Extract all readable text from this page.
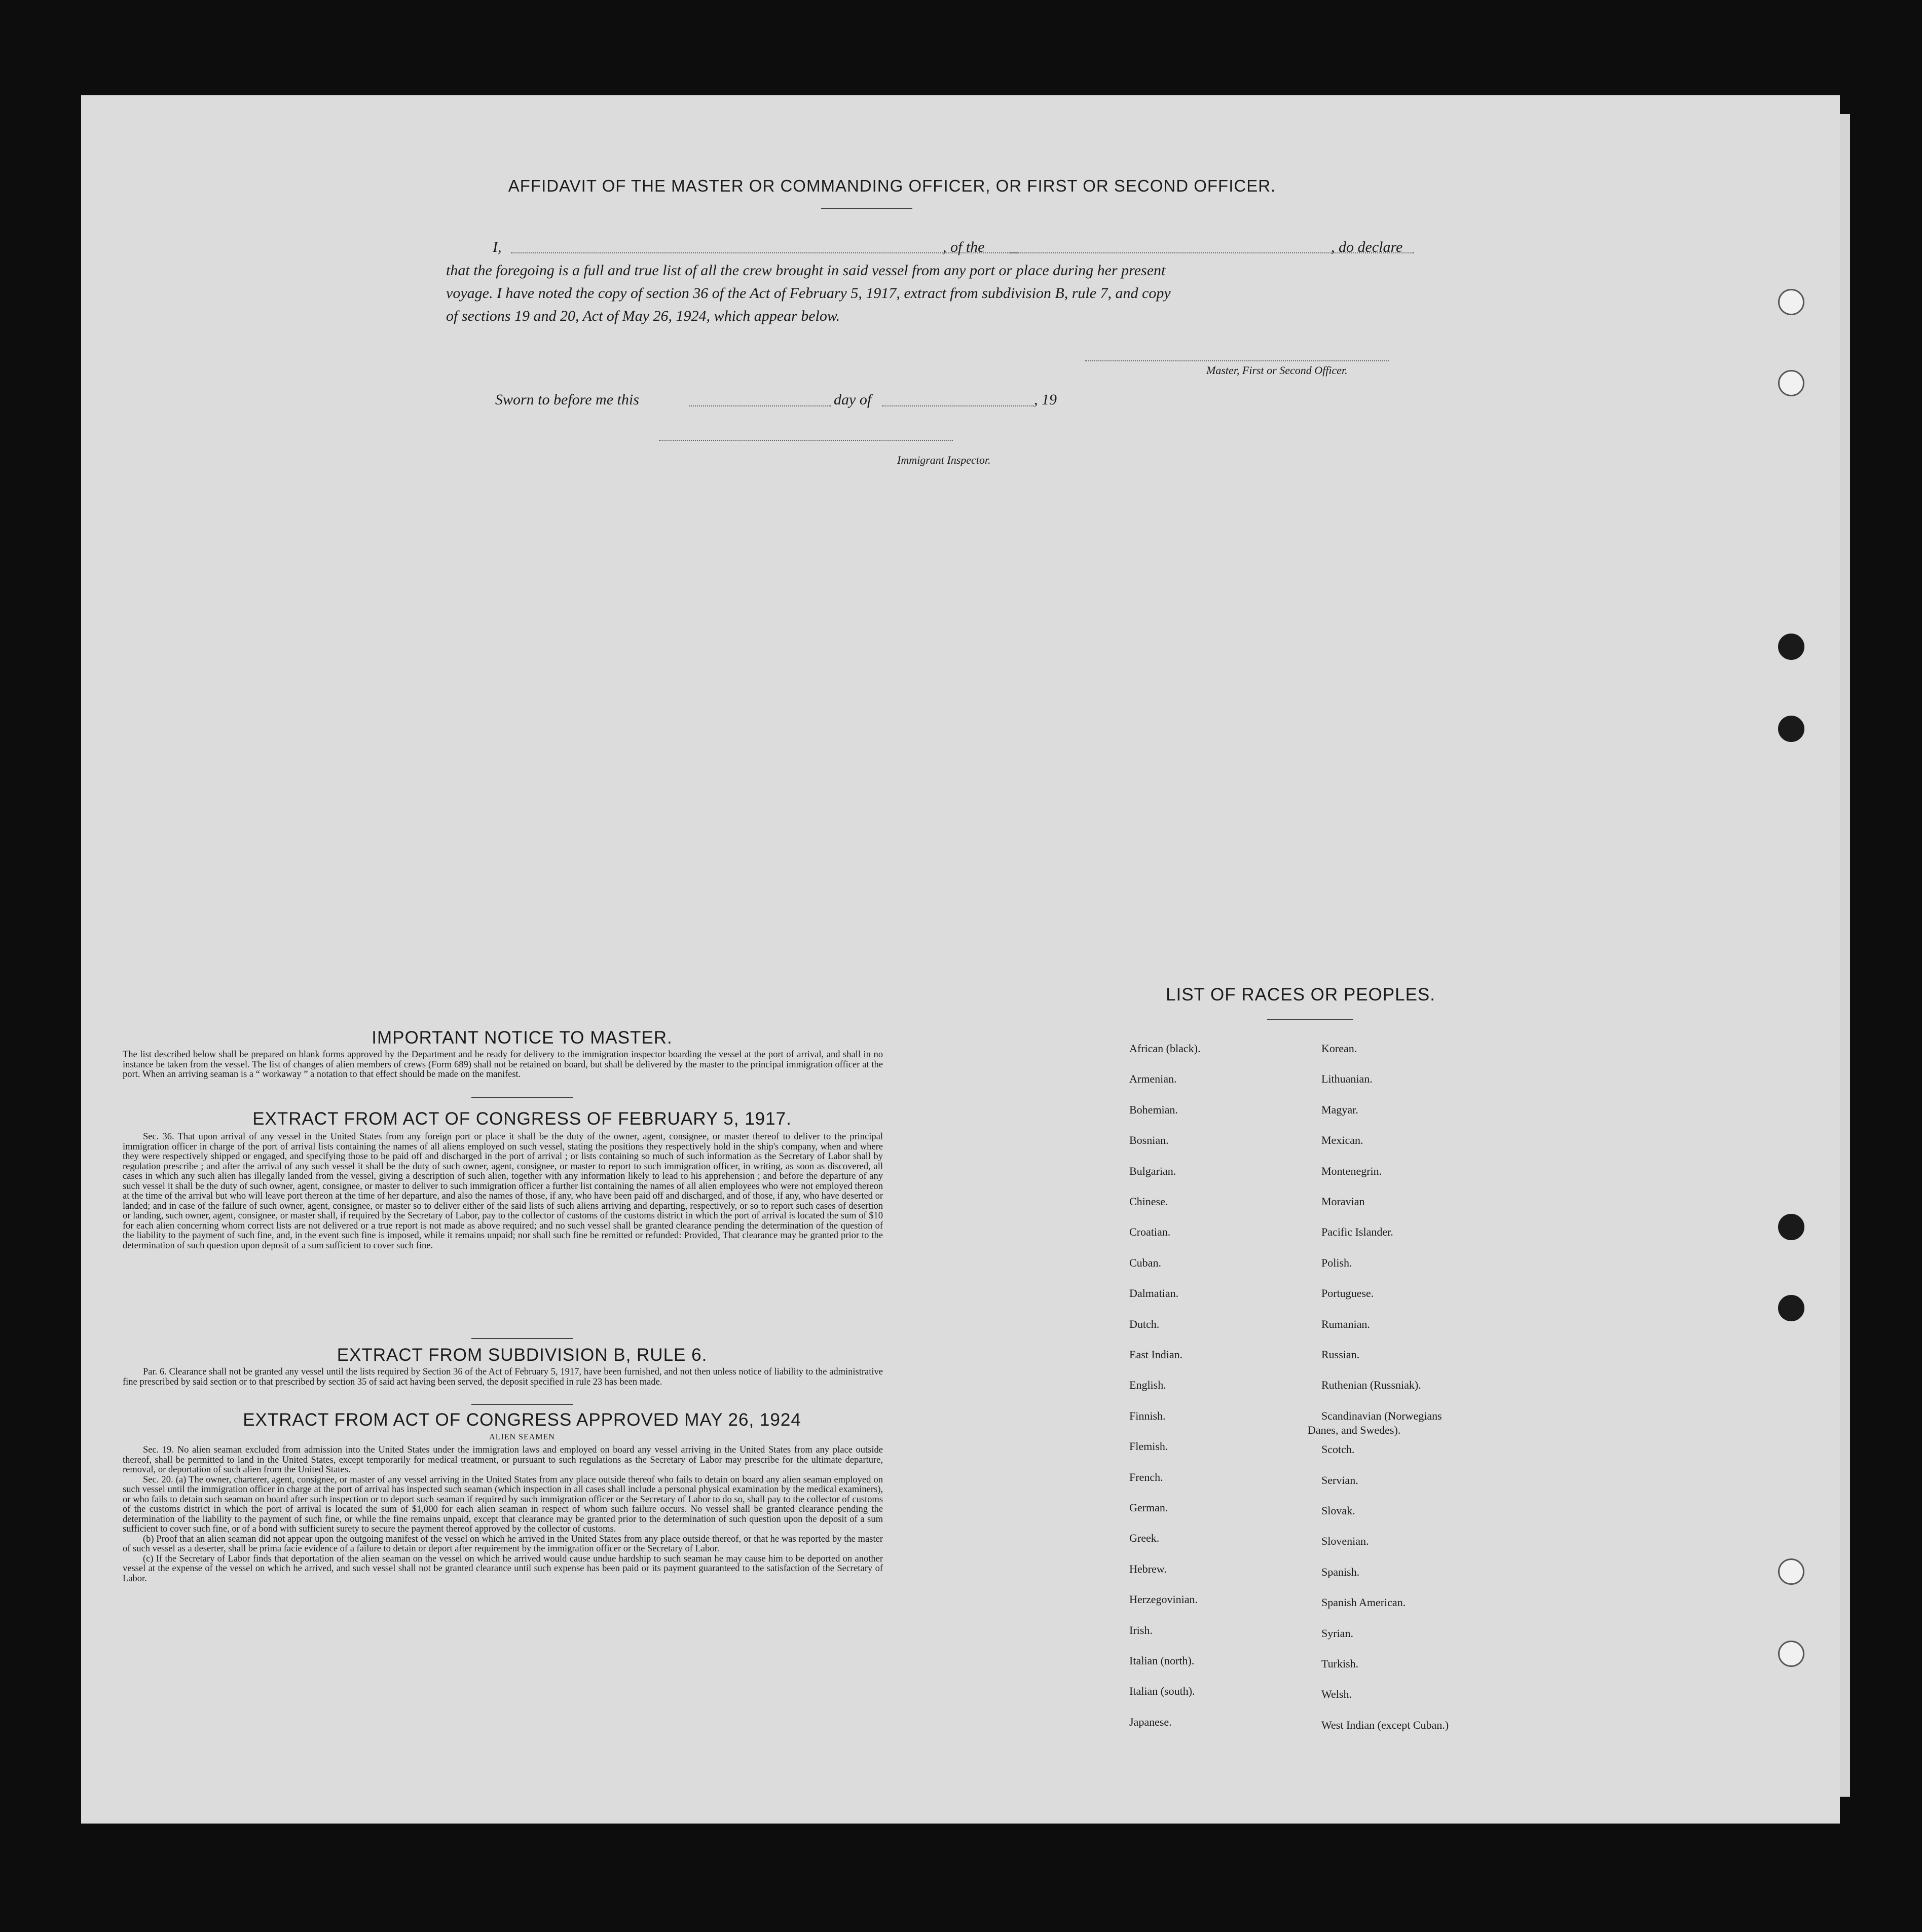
AFFIDAVIT OF THE MASTER OR COMMANDING OFFICER, OR FIRST OR SECOND OFFICER.
I,	, of the	, do declare
that the foregoing is a full and true list of all the crew brought in said vessel from any port or place during her present
voyage. I have noted the copy of section 36 of the Act of February 5, 1917, extract from subdivision B, rule 7, and copy
of sections 19 and 20, Act of May 26, 1924, which appear below.
Master, First or Second Officer.
Sworn to before me this	day of	, 19
Immigrant Inspector.
IMPORTANT NOTICE TO MASTER.
The list described below shall be prepared on blank forms approved by the Department and be ready for delivery to the immigration inspector boarding the vessel at the port of arrival, and shall in no instance be taken from the vessel. The list of changes of alien members of crews (Form 689) shall not be retained on board, but shall be delivered by the master to the principal immigration officer at the port. When an arriving seaman is a “ workaway ” a notation to that effect should be made on the manifest.
EXTRACT FROM ACT OF CONGRESS OF FEBRUARY 5, 1917.
Sec. 36. That upon arrival of any vessel in the United States from any foreign port or place it shall be the duty of the owner, agent, consignee, or master thereof to deliver to the principal immigration officer in charge of the port of arrival lists containing the names of all aliens employed on such vessel, stating the positions they respectively hold in the ship's company, when and where they were respectively shipped or engaged, and specifying those to be paid off and discharged in the port of arrival ; or lists containing so much of such information as the Secretary of Labor shall by regulation prescribe ; and after the arrival of any such vessel it shall be the duty of such owner, agent, consignee, or master to report to such immigration officer, in writing, as soon as discovered, all cases in which any such alien has illegally landed from the vessel, giving a description of such alien, together with any information likely to lead to his apprehension ; and before the departure of any such vessel it shall be the duty of such owner, agent, consignee, or master to deliver to such immigration officer a further list containing the names of all alien employees who were not employed thereon at the time of the arrival but who will leave port thereon at the time of her departure, and also the names of those, if any, who have been paid off and discharged, and of those, if any, who have deserted or landed; and in case of the failure of such owner, agent, consignee, or master so to deliver either of the said lists of such aliens arriving and departing, respectively, or so to report such cases of desertion or landing, such owner, agent, consignee, or master shall, if required by the Secretary of Labor, pay to the collector of customs of the customs district in which the port of arrival is located the sum of $10 for each alien concerning whom correct lists are not delivered or a true report is not made as above required; and no such vessel shall be granted clearance pending the determination of the question of the liability to the payment of such fine, and, in the event such fine is imposed, while it remains unpaid; nor shall such fine be remitted or refunded: Provided, That clearance may be granted prior to the determination of such question upon deposit of a sum sufficient to cover such fine.
EXTRACT FROM SUBDIVISION B, RULE 6.
Par. 6. Clearance shall not be granted any vessel until the lists required by Section 36 of the Act of February 5, 1917, have been furnished, and not then unless notice of liability to the administrative fine prescribed by said section or to that prescribed by section 35 of said act having been served, the deposit specified in rule 23 has been made.
EXTRACT FROM ACT OF CONGRESS APPROVED MAY 26, 1924
ALIEN SEAMEN
Sec. 19. No alien seaman excluded from admission into the United States under the immigration laws and employed on board any vessel arriving in the United States from any place outside thereof, shall be permitted to land in the United States, except temporarily for medical treatment, or pursuant to such regulations as the Secretary of Labor may prescribe for the ultimate departure, removal, or deportation of such alien from the United States.
Sec. 20. (a) The owner, charterer, agent, consignee, or master of any vessel arriving in the United States from any place outside thereof who fails to detain on board any alien seaman employed on such vessel until the immigration officer in charge at the port of arrival has inspected such seaman (which inspection in all cases shall include a personal physical examination by the medical examiners), or who fails to detain such seaman on board after such inspection or to deport such seaman if required by such immigration officer or the Secretary of Labor to do so, shall pay to the collector of customs of the customs district in which the port of arrival is located the sum of $1,000 for each alien seaman in respect of whom such failure occurs. No vessel shall be granted clearance pending the determination of the liability to the payment of such fine, or while the fine remains unpaid, except that clearance may be granted prior to the determination of such question upon the deposit of a sum sufficient to cover such fine, or of a bond with sufficient surety to secure the payment thereof approved by the collector of customs.
(b) Proof that an alien seaman did not appear upon the outgoing manifest of the vessel on which he arrived in the United States from any place outside thereof, or that he was reported by the master of such vessel as a deserter, shall be prima facie evidence of a failure to detain or deport after requirement by the immigration officer or the Secretary of Labor.
(c) If the Secretary of Labor finds that deportation of the alien seaman on the vessel on which he arrived would cause undue hardship to such seaman he may cause him to be deported on another vessel at the expense of the vessel on which he arrived, and such vessel shall not be granted clearance until such expense has been paid or its payment guaranteed to the satisfaction of the Secretary of Labor.
LIST OF RACES OR PEOPLES.
African (black).
Armenian.
Bohemian.
Bosnian.
Bulgarian.
Chinese.
Croatian.
Cuban.
Dalmatian.
Dutch.
East Indian.
English.
Finnish.
Flemish.
French.
German.
Greek.
Hebrew.
Herzegovinian.
Irish.
Italian (north).
Italian (south).
Japanese.
Korean.
Lithuanian.
Magyar.
Mexican.
Montenegrin.
Moravian
Pacific Islander.
Polish.
Portuguese.
Rumanian.
Russian.
Ruthenian (Russniak).
Scandinavian (Norwegians
Danes, and Swedes).
Scotch.
Servian.
Slovak.
Slovenian.
Spanish.
Spanish American.
Syrian.
Turkish.
Welsh.
West Indian (except Cuban.)
